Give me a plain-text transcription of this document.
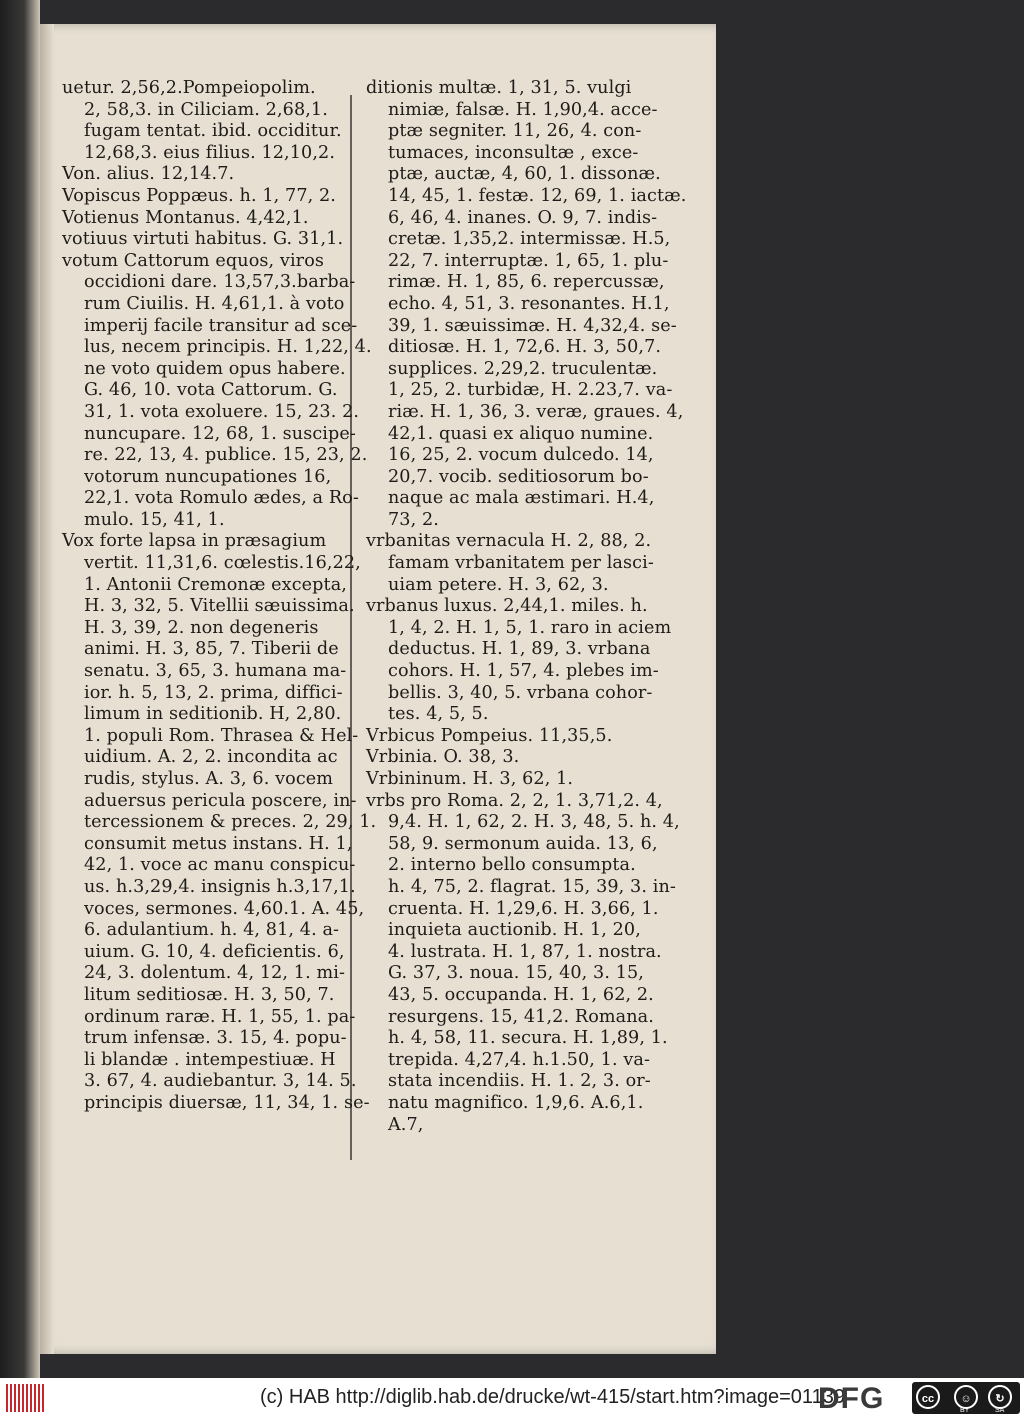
uetur. 2,56,2.Pompeiopolim.
2, 58,3. in Ciliciam. 2,68,1.
fugam tentat. ibid. occiditur.
12,68,3. eius filius. 12,10,2.
Von. alius. 12,14.7.
Vopiscus Poppæus. h. 1, 77, 2.
Votienus Montanus. 4,42,1.
votiuus virtuti habitus. G. 31,1.
votum Cattorum equos, viros
occidioni dare. 13,57,3.barba-
rum Ciuilis. H. 4,61,1. à voto
imperij facile transitur ad sce-
lus, necem principis. H. 1,22, 4.
ne voto quidem opus habere.
G. 46, 10. vota Cattorum. G.
31, 1. vota exoluere. 15, 23. 2.
nuncupare. 12, 68, 1. suscipe-
re. 22, 13, 4. publice. 15, 23, 2.
votorum nuncupationes 16,
22,1. vota Romulo ædes, a Ro-
mulo. 15, 41, 1.
Vox forte lapsa in præsagium
vertit. 11,31,6. cœlestis.16,22,
1. Antonii Cremonæ excepta,
H. 3, 32, 5. Vitellii sæuissima.
H. 3, 39, 2. non degeneris
animi. H. 3, 85, 7. Tiberii de
senatu. 3, 65, 3. humana ma-
ior. h. 5, 13, 2. prima, diffici-
limum in seditionib. H, 2,80.
1. populi Rom. Thrasea & Hel-
uidium. A. 2, 2. incondita ac
rudis, stylus. A. 3, 6. vocem
aduersus pericula poscere, in-
tercessionem & preces. 2, 29, 1.
consumit metus instans. H. 1,
42, 1. voce ac manu conspicu-
us. h.3,29,4. insignis h.3,17,1.
voces, sermones. 4,60.1. A. 45,
6. adulantium. h. 4, 81, 4. a-
uium. G. 10, 4. deficientis. 6,
24, 3. dolentum. 4, 12, 1. mi-
litum seditiosæ. H. 3, 50, 7.
ordinum raræ. H. 1, 55, 1. pa-
trum infensæ. 3. 15, 4. popu-
li blandæ . intempestiuæ. H
3. 67, 4. audiebantur. 3, 14. 5.
principis diuersæ, 11, 34, 1. se-
ditionis multæ. 1, 31, 5. vulgi
nimiæ, falsæ. H. 1,90,4. acce-
ptæ segniter. 11, 26, 4. con-
tumaces, inconsultæ , exce-
ptæ, auctæ, 4, 60, 1. dissonæ.
14, 45, 1. festæ. 12, 69, 1. iactæ.
6, 46, 4. inanes. O. 9, 7. indis-
cretæ. 1,35,2. intermissæ. H.5,
22, 7. interruptæ. 1, 65, 1. plu-
rimæ. H. 1, 85, 6. repercussæ,
echo. 4, 51, 3. resonantes. H.1,
39, 1. sæuissimæ. H. 4,32,4. se-
ditiosæ. H. 1, 72,6. H. 3, 50,7.
supplices. 2,29,2. truculentæ.
1, 25, 2. turbidæ, H. 2.23,7. va-
riæ. H. 1, 36, 3. veræ, graues. 4,
42,1. quasi ex aliquo numine.
16, 25, 2. vocum dulcedo. 14,
20,7. vocib. seditiosorum bo-
naque ac mala æstimari. H.4,
73, 2.
vrbanitas vernacula H. 2, 88, 2.
famam vrbanitatem per lasci-
uiam petere. H. 3, 62, 3.
vrbanus luxus. 2,44,1. miles. h.
1, 4, 2. H. 1, 5, 1. raro in aciem
deductus. H. 1, 89, 3. vrbana
cohors. H. 1, 57, 4. plebes im-
bellis. 3, 40, 5. vrbana cohor-
tes. 4, 5, 5.
Vrbicus Pompeius. 11,35,5.
Vrbinia. O. 38, 3.
Vrbininum. H. 3, 62, 1.
vrbs pro Roma. 2, 2, 1. 3,71,2. 4,
9,4. H. 1, 62, 2. H. 3, 48, 5. h. 4,
58, 9. sermonum auida. 13, 6,
2. interno bello consumpta.
h. 4, 75, 2. flagrat. 15, 39, 3. in-
cruenta. H. 1,29,6. H. 3,66, 1.
inquieta auctionib. H. 1, 20,
4. lustrata. H. 1, 87, 1. nostra.
G. 37, 3. noua. 15, 40, 3. 15,
43, 5. occupanda. H. 1, 62, 2.
resurgens. 15, 41,2. Romana.
h. 4, 58, 11. secura. H. 1,89, 1.
trepida. 4,27,4. h.1.50, 1. va-
stata incendiis. H. 1. 2, 3. or-
natu magnifico. 1,9,6. A.6,1.
A.7,
(c) HAB http://diglib.hab.de/drucke/wt-415/start.htm?image=01139
DFG	cc	☺	↻
BY	SA
